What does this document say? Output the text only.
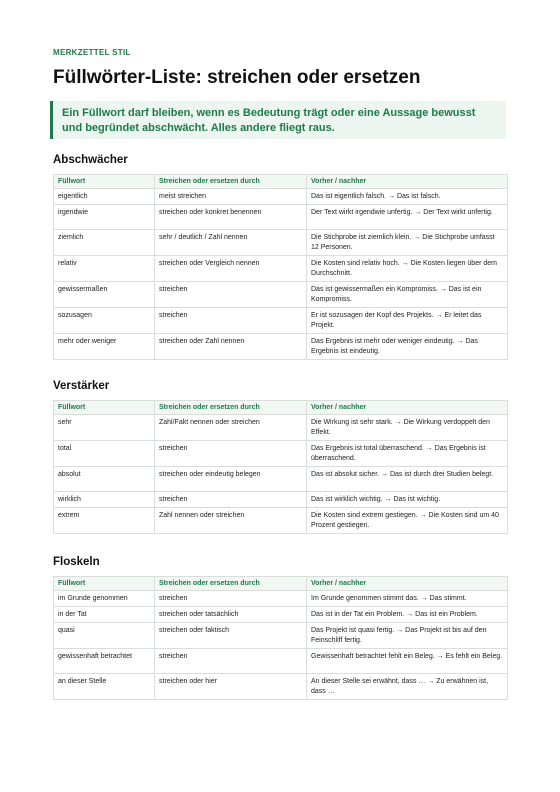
MERKZETTEL STIL
Füllwörter-Liste: streichen oder ersetzen
Ein Füllwort darf bleiben, wenn es Bedeutung trägt oder eine Aussage bewusst und begründet abschwächt. Alles andere fliegt raus.
Abschwächer
Füllwort	Streichen oder ersetzen durch	Vorher / nachher
eigentlich	meist streichen	Das ist eigentlich falsch. → Das ist falsch.
irgendwie	streichen oder konkret benennen	Der Text wirkt irgendwie unfertig. → Der Text wirkt unfertig.
ziemlich	sehr / deutlich / Zahl nennen	Die Stichprobe ist ziemlich klein. → Die Stichprobe umfasst 12 Personen.
relativ	streichen oder Vergleich nennen	Die Kosten sind relativ hoch. → Die Kosten liegen über dem Durchschnitt.
gewissermaßen	streichen	Das ist gewissermaßen ein Kompromiss. → Das ist ein Kompromiss.
sozusagen	streichen	Er ist sozusagen der Kopf des Projekts. → Er leitet das Projekt.
mehr oder weniger	streichen oder Zahl nennen	Das Ergebnis ist mehr oder weniger eindeutig. → Das Ergebnis ist eindeutig.
Verstärker
Füllwort	Streichen oder ersetzen durch	Vorher / nachher
sehr	Zahl/Fakt nennen oder streichen	Die Wirkung ist sehr stark. → Die Wirkung verdoppelt den Effekt.
total	streichen	Das Ergebnis ist total überraschend. → Das Ergebnis ist überraschend.
absolut	streichen oder eindeutig belegen	Das ist absolut sicher. → Das ist durch drei Studien belegt.
wirklich	streichen	Das ist wirklich wichtig. → Das ist wichtig.
extrem	Zahl nennen oder streichen	Die Kosten sind extrem gestiegen. → Die Kosten sind um 40 Prozent gestiegen.
Floskeln
Füllwort	Streichen oder ersetzen durch	Vorher / nachher
im Grunde genommen	streichen	Im Grunde genommen stimmt das. → Das stimmt.
in der Tat	streichen oder tatsächlich	Das ist in der Tat ein Problem. → Das ist ein Problem.
quasi	streichen oder faktisch	Das Projekt ist quasi fertig. → Das Projekt ist bis auf den Feinschliff fertig.
gewissenhaft betrachtet	streichen	Gewissenhaft betrachtet fehlt ein Beleg. → Es fehlt ein Beleg.
an dieser Stelle	streichen oder hier	An dieser Stelle sei erwähnt, dass … → Zu erwähnen ist, dass …
